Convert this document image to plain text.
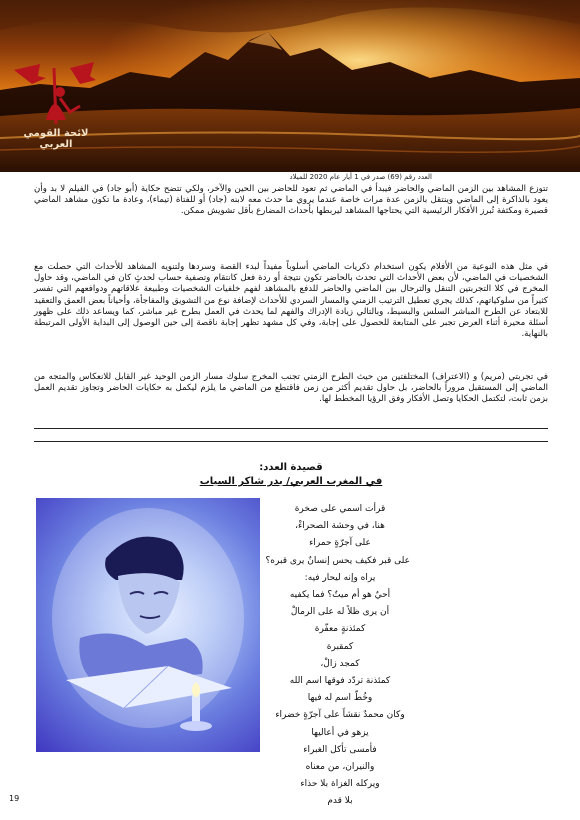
لائحة القومي العربي
العدد رقم (69) صدر في 1 أيار عام 2020 للميلاد

تتوزع المشاهد بين الزمن الماضي والحاضر فيبدأ في الماضي ثم تعود للحاضر بين الحين والآخر، ولكي تتضح حكاية (أبو جاد) في الفيلم لا بد وأن يعود بالذاكرة إلى الماضي وينتقل بالزمن عدة مرات خاصة عندما يروي ما حدث معه لابنه (جاد) أو للفتاة (تيماء)، وعادة ما تكون مشاهد الماضي قصيرة ومكثفة تُبرز الأفكار الرئيسية التي يحتاجها المشاهد ليربطها بأحداث المضارع بأقل تشويش ممكن.

في مثل هذه النوعية من الأفلام يكون استخدام ذكريات الماضي أسلوباً مفيداً لبدء القصة وسردها ولتنويه المشاهد للأحداث التي حصلت مع الشخصيات في الماضي، لأن بعض الأحداث التي تحدث بالحاضر تكون نتيجة أو ردة فعل كانتقام وتصفية حساب لحدثٍ كان في الماضي، وقد حاول المخرج في كلا التجربتين التنقل والترحال بين الماضي والحاضر للدفع بالمشاهد لفهم خلفيات الشخصيات وطبيعة علاقاتهم ودوافعهم التي تفسر كثيراً من سلوكياتهم، كذلك يجري تعطيل الترتيب الزمني والمسار السردي للأحداث لإضافة نوع من التشويق والمفاجأة، وأحياناً بعض العمق والتعقيد للابتعاد عن الطرح المباشر السلس والبسيط، وبالتالي زيادة الإدراك والفهم لما يحدث في العمل بطرح غير مباشر، كما ويساعد ذلك على ظهور أسئلة محيرة أثناء العرض تجبر على المتابعة للحصول على إجابة، وفي كل مشهد تظهر إجابة ناقصة إلى حين الوصول إلى البداية الأولى المرتبطة بالنهاية.

في تجربتي (مريم) و (الاعتراف) المختلفتين من حيث الطرح الزمني تجنب المخرج سلوك مسار الزمن الوحيد غير القابل للانعكاس والمتجه من الماضي إلى المستقبل مروراً بالحاضر، بل حاول تقديم أكثر من زمن فاقتطع من الماضي ما يلزم ليكمل به حكايات الحاضر وتجاوز تقديم العمل بزمن ثابت، لتكتمل الحكايا وتصل الأفكار وفق الرؤيا المخطط لها.

قصيدة العدد:
في المغرب العربي/ بدر شاكر السياب
قرأت اسمي على صخرة
هنا، في وحشة الصحراءْ،
على آجرّةٍ حمراء
على قبر فكيف يحس إنسانٌ يرى قبره؟
يراه وإنه ليحار فيه:
أحيٌ هو أم ميتٌ؟ فما يكفيه
أن يرى ظلاً له على الرمالْ
كمئذنةٍ معفّرة
كمقبرة
كمجد زالْ،
كمئذنة تردّد فوقها اسم الله
وخُطّ اسم له فيها
وكان محمدٌ نقشاً على آجرّةٍ خضراء
يزهو في أعاليها
فأمسى تأكل الغبراء
والنيران، من معناه
ويركله الغزاة بلا حذاء
بلا قدم
19
